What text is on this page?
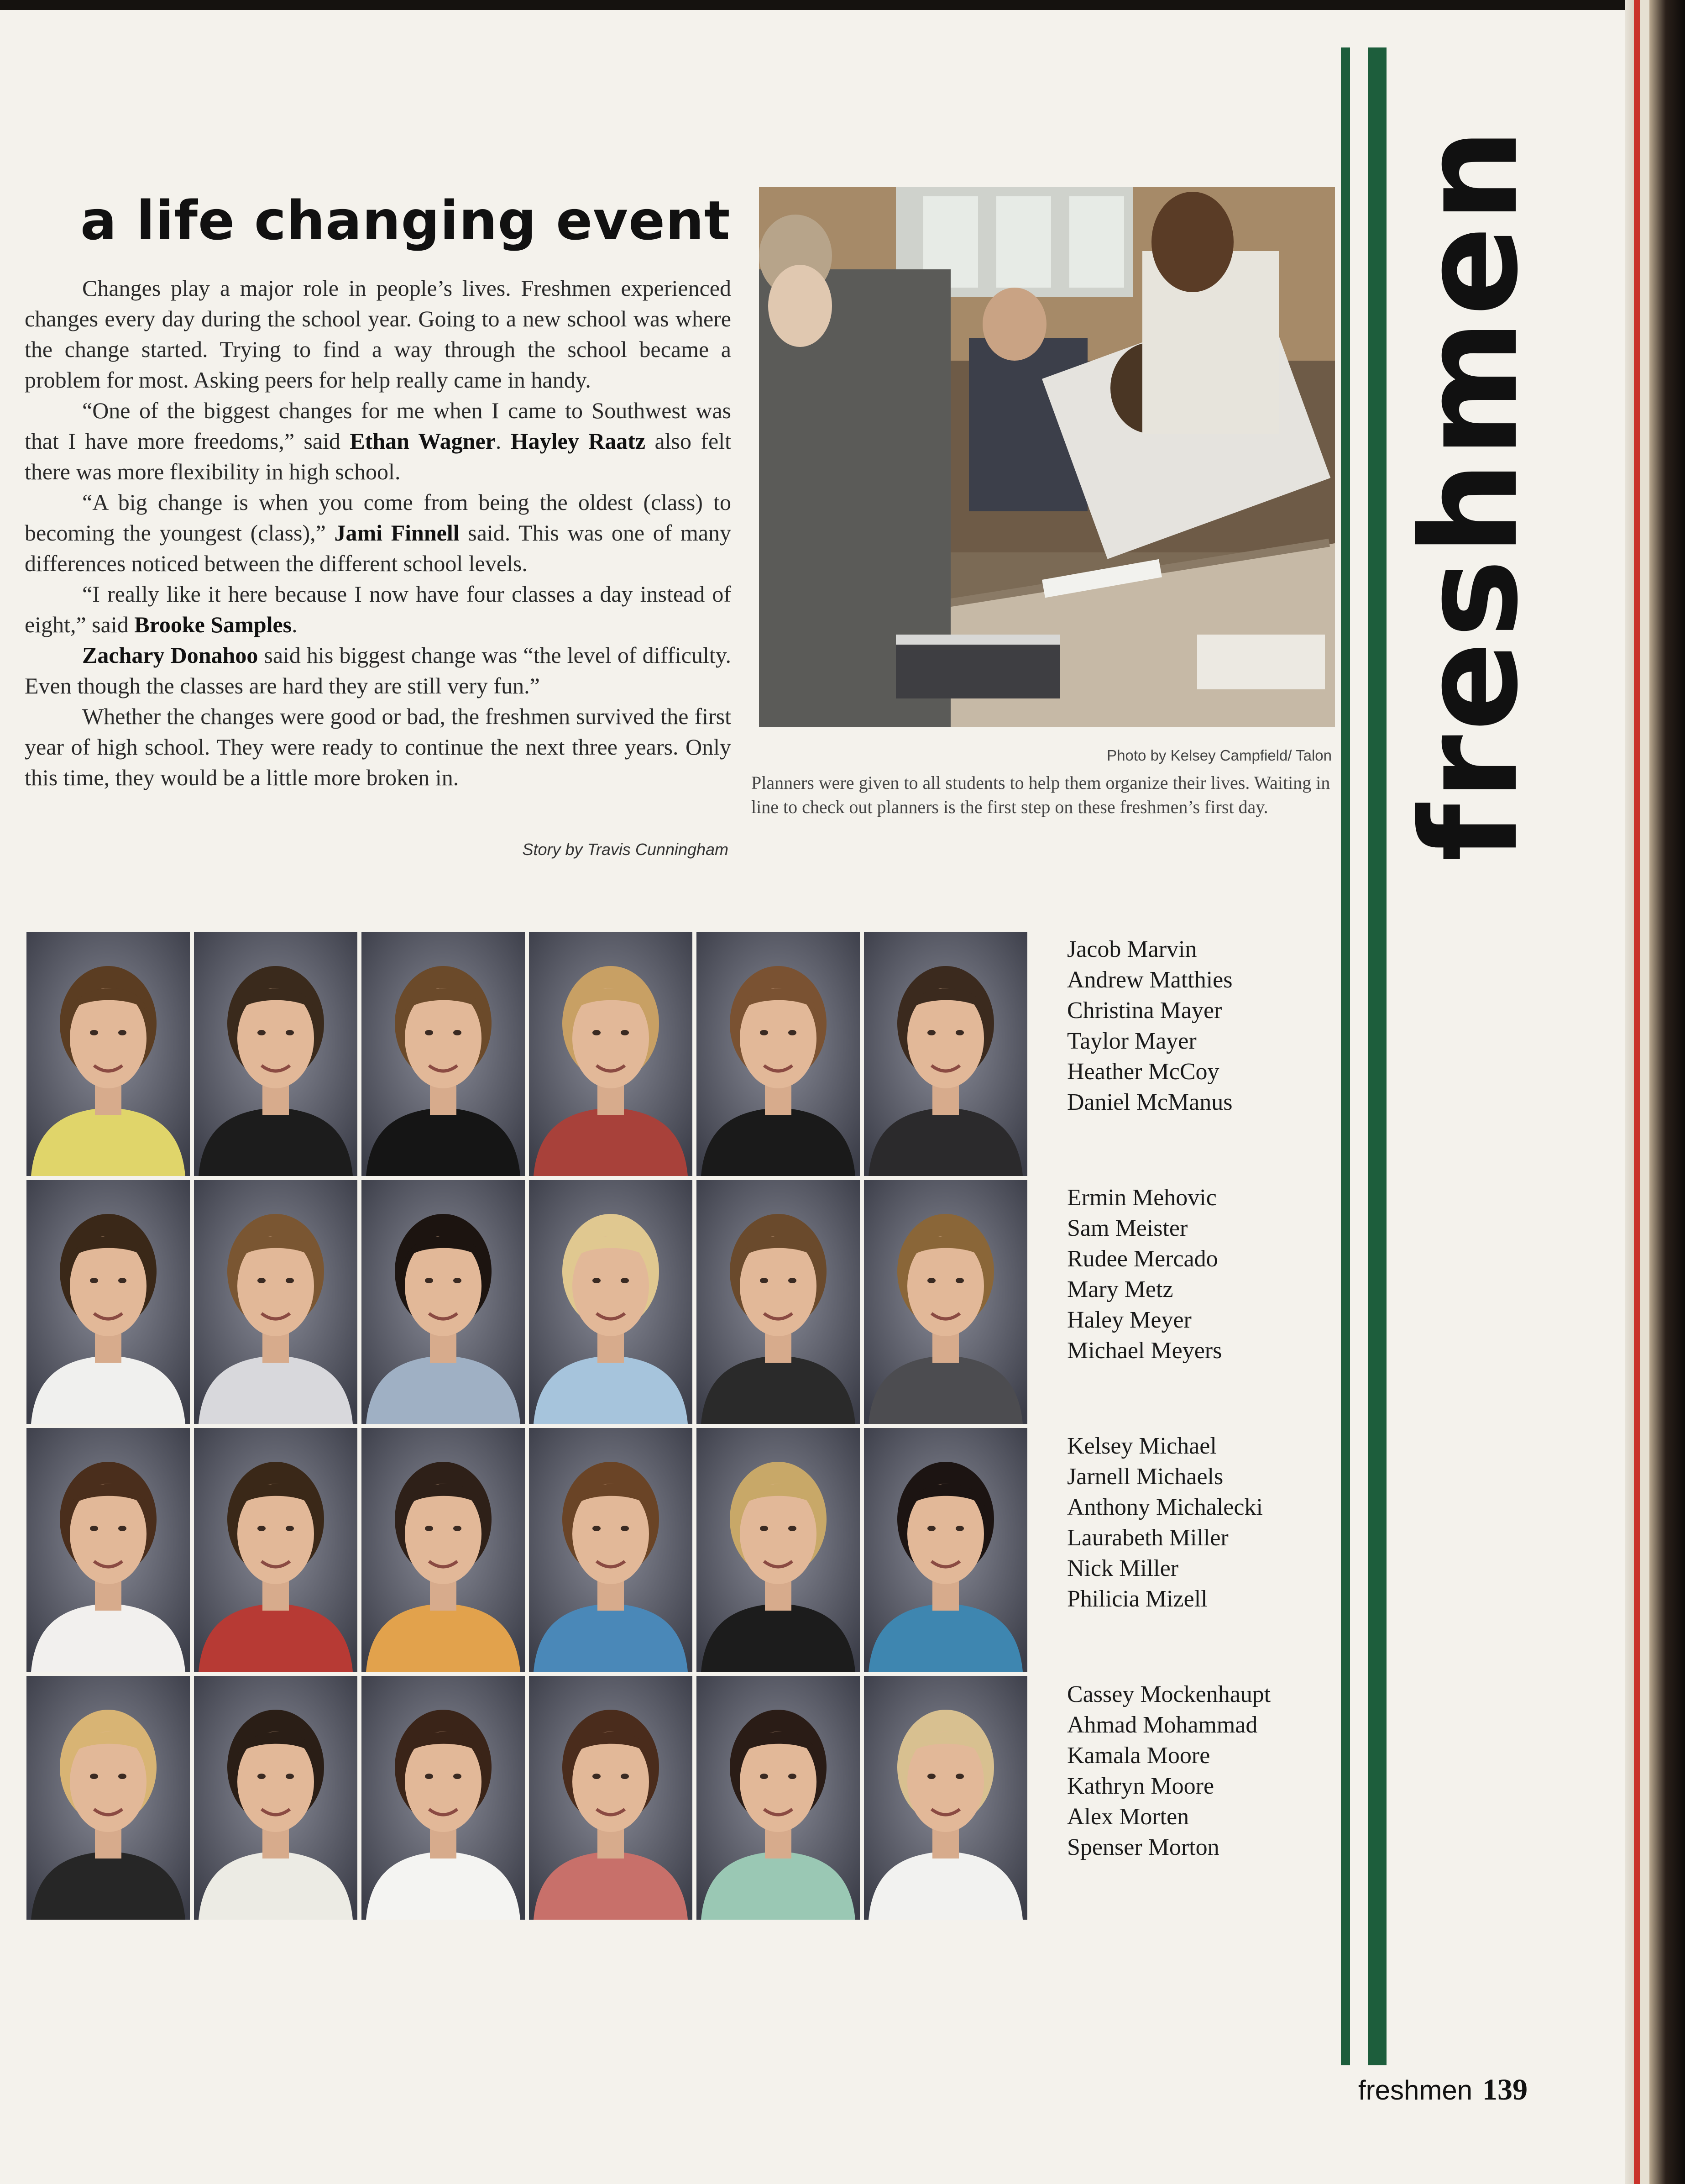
a life changing event

Changes play a major role in people’s lives. Freshmen experienced changes every day during the school year. Going to a new school was where the change started. Trying to find a way through the school became a problem for most. Asking peers for help really came in handy.

“One of the biggest changes for me when I came to Southwest was that I have more freedoms,” said Ethan Wagner. Hayley Raatz also felt there was more flexibility in high school.

“A big change is when you come from being the oldest (class) to becoming the youngest (class),” Jami Finnell said. This was one of many differences noticed between the different school levels.

“I really like it here because I now have four classes a day instead of eight,” said Brooke Samples.

Zachary Donahoo said his biggest change was “the level of difficulty. Even though the classes are hard they are still very fun.”

Whether the changes were good or bad, the freshmen survived the first year of high school. They were ready to continue the next three years. Only this time, they would be a little more broken in.

Story by Travis Cunningham
Photo by Kelsey Campfield/ Talon
Planners were given to all students to help them organize their lives. Waiting in line to check out planners is the first step on these freshmen’s first day. freshmen
Jacob Marvin
Andrew Matthies
Christina Mayer
Taylor Mayer
Heather McCoy
Daniel McManus
Ermin Mehovic
Sam Meister
Rudee Mercado
Mary Metz
Haley Meyer
Michael Meyers
Kelsey Michael
Jarnell Michaels
Anthony Michalecki
Laurabeth Miller
Nick Miller
Philicia Mizell
Cassey Mockenhaupt
Ahmad Mohammad
Kamala Moore
Kathryn Moore
Alex Morten
Spenser Morton
freshmen 139
